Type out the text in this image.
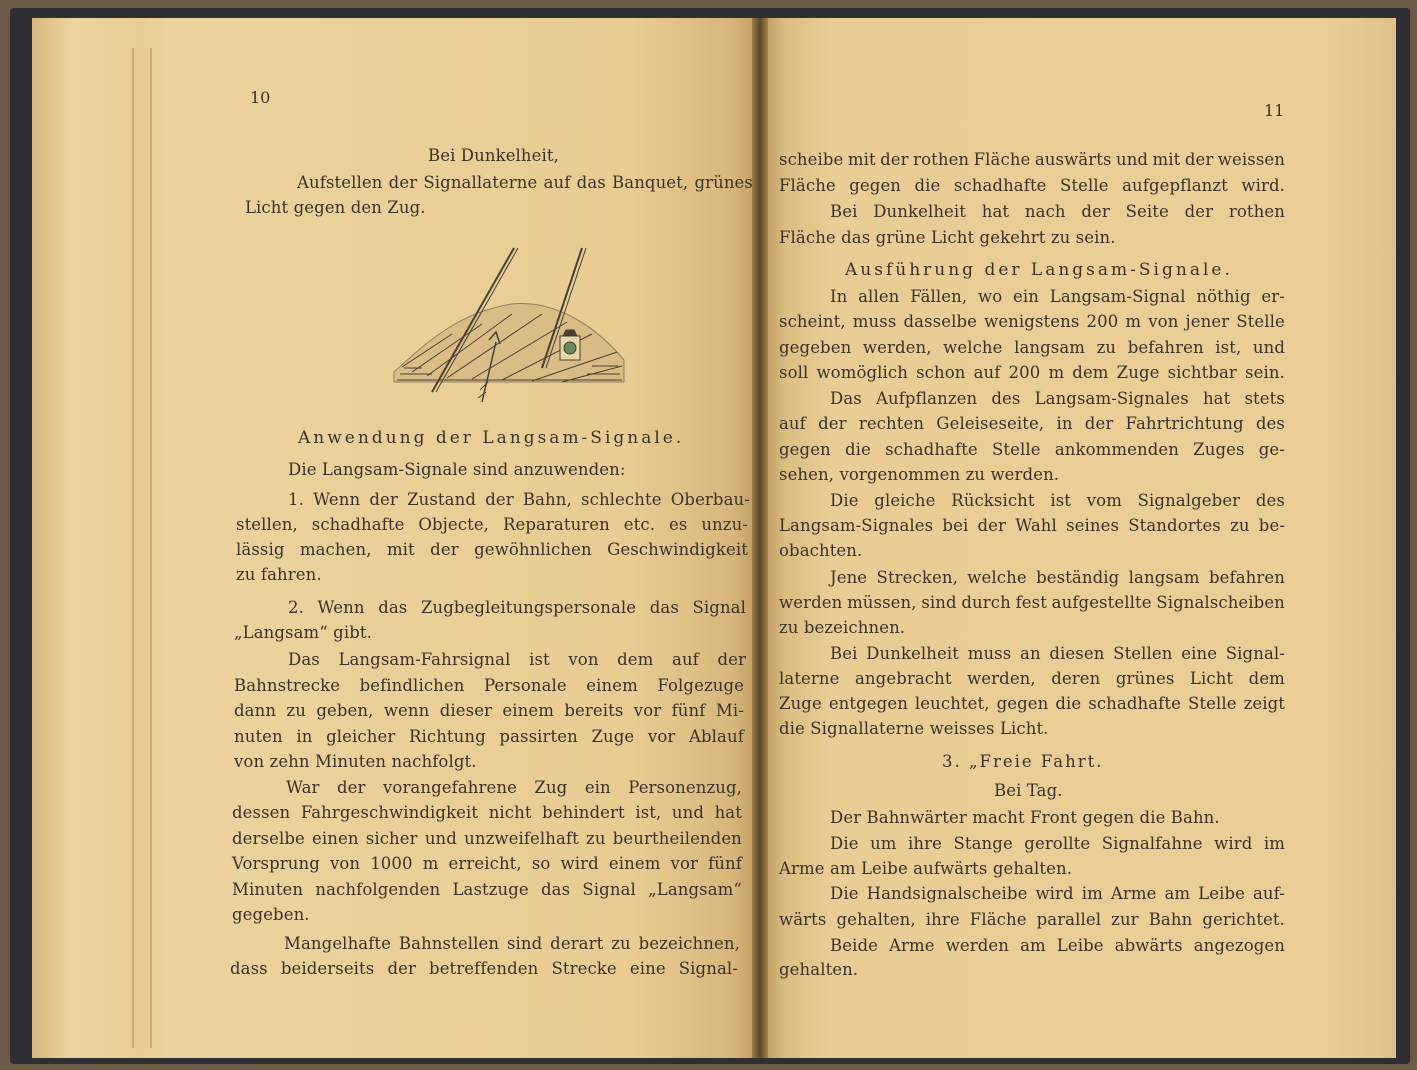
10
Bei Dunkelheit,
Aufstellen der Signallaterne auf das Banquet, grünes
Licht gegen den Zug.
Anwendung der Langsam-Signale.
Die Langsam-Signale sind anzuwenden:
1. Wenn der Zustand der Bahn, schlechte Oberbau-
stellen, schadhafte Objecte, Reparaturen etc. es unzu-
lässig machen, mit der gewöhnlichen Geschwindigkeit
zu fahren.
2. Wenn das Zugbegleitungspersonale das Signal
„Langsam“ gibt.
Das Langsam-Fahrsignal ist von dem auf der
Bahnstrecke befindlichen Personale einem Folgezuge
dann zu geben, wenn dieser einem bereits vor fünf Mi-
nuten in gleicher Richtung passirten Zuge vor Ablauf
von zehn Minuten nachfolgt.
War der vorangefahrene Zug ein Personenzug,
dessen Fahrgeschwindigkeit nicht behindert ist, und hat
derselbe einen sicher und unzweifelhaft zu beurtheilenden
Vorsprung von 1000 m erreicht, so wird einem vor fünf
Minuten nachfolgenden Lastzuge das Signal „Langsam“
gegeben.
Mangelhafte Bahnstellen sind derart zu bezeichnen,
dass beiderseits der betreffenden Strecke eine Signal-
11
scheibe mit der rothen Fläche auswärts und mit der weissen
Fläche gegen die schadhafte Stelle aufgepflanzt wird.
Bei Dunkelheit hat nach der Seite der rothen
Fläche das grüne Licht gekehrt zu sein.
Ausführung der Langsam-Signale.
In allen Fällen, wo ein Langsam-Signal nöthig er-
scheint, muss dasselbe wenigstens 200 m von jener Stelle
gegeben werden, welche langsam zu befahren ist, und
soll womöglich schon auf 200 m dem Zuge sichtbar sein.
Das Aufpflanzen des Langsam-Signales hat stets
auf der rechten Geleiseseite, in der Fahrtrichtung des
gegen die schadhafte Stelle ankommenden Zuges ge-
sehen, vorgenommen zu werden.
Die gleiche Rücksicht ist vom Signalgeber des
Langsam-Signales bei der Wahl seines Standortes zu be-
obachten.
Jene Strecken, welche beständig langsam befahren
werden müssen, sind durch fest aufgestellte Signalscheiben
zu bezeichnen.
Bei Dunkelheit muss an diesen Stellen eine Signal-
laterne angebracht werden, deren grünes Licht dem
Zuge entgegen leuchtet, gegen die schadhafte Stelle zeigt
die Signallaterne weisses Licht.
3. „Freie Fahrt.
Bei Tag.
Der Bahnwärter macht Front gegen die Bahn.
Die um ihre Stange gerollte Signalfahne wird im
Arme am Leibe aufwärts gehalten.
Die Handsignalscheibe wird im Arme am Leibe auf-
wärts gehalten, ihre Fläche parallel zur Bahn gerichtet.
Beide Arme werden am Leibe abwärts angezogen
gehalten.
